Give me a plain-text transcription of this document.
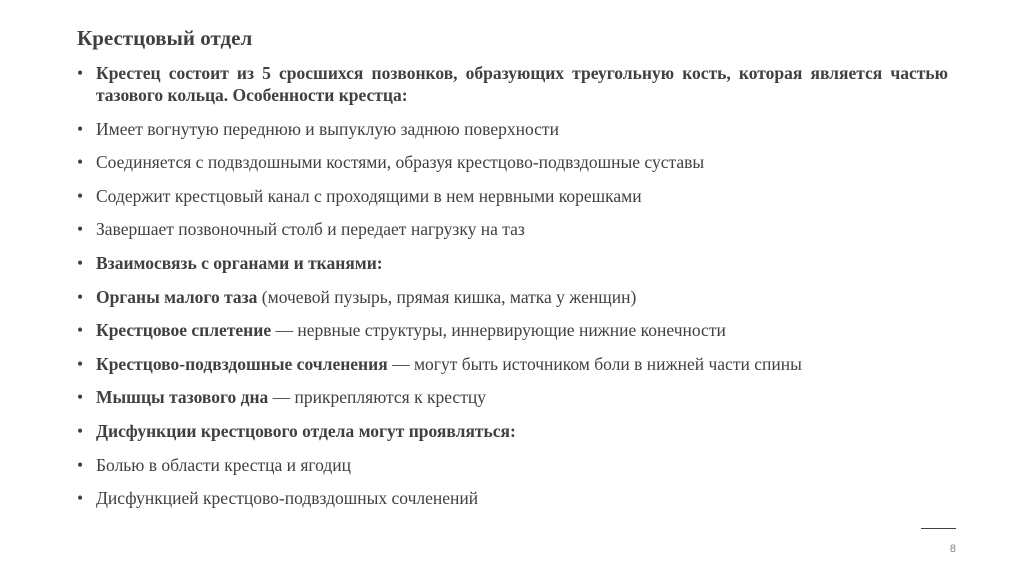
Крестцовый отдел
• Крестец состоит из 5 сросшихся позвонков, образующих треугольную кость, которая является частью тазового кольца. Особенности крестца:
• Имеет вогнутую переднюю и выпуклую заднюю поверхности
• Соединяется с подвздошными костями, образуя крестцово-подвздошные суставы
• Содержит крестцовый канал с проходящими в нем нервными корешками
• Завершает позвоночный столб и передает нагрузку на таз
• Взаимосвязь с органами и тканями:
• Органы малого таза (мочевой пузырь, прямая кишка, матка у женщин)
• Крестцовое сплетение — нервные структуры, иннервирующие нижние конечности
• Крестцово-подвздошные сочленения — могут быть источником боли в нижней части спины
• Мышцы тазового дна — прикрепляются к крестцу
• Дисфункции крестцового отдела могут проявляться:
• Болью в области крестца и ягодиц
• Дисфункцией крестцово-подвздошных сочленений
8
